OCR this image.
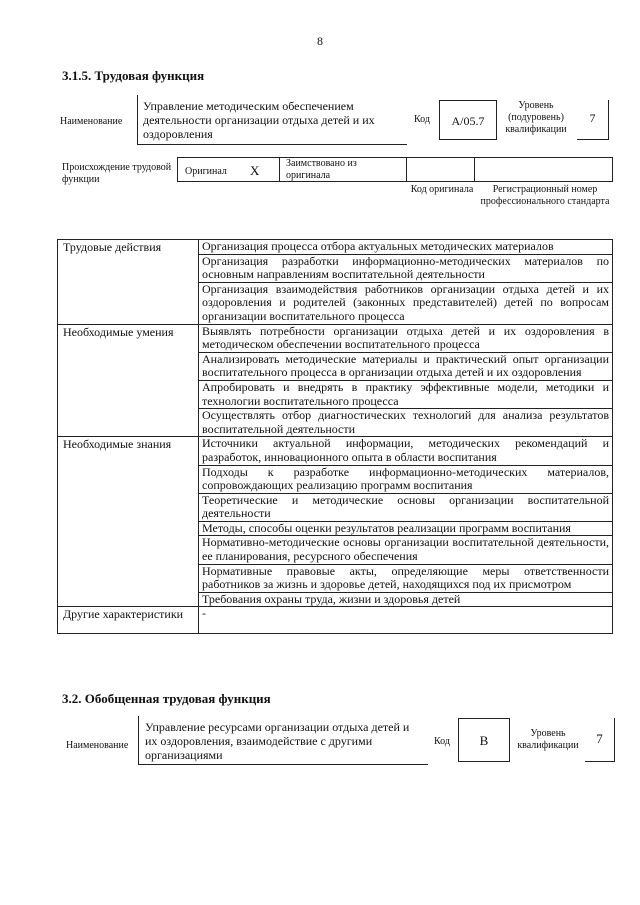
8
3.1.5. Трудовая функция
Наименование
Управление методическим обеспечением деятельности организации отдыха детей и их оздоровления
Код	А/05.7
Уровень (подуровень) квалификации
7
Происхождение трудовой функции
Оригинал X	Заимствовано из оригинала
Код оригинала	Регистрационный номер профессионального стандарта
Трудовые действия	Организация процесса отбора актуальных методических материалов
	Организация разработки информационно-методических материалов по основным направлениям воспитательной деятельности
	Организация взаимодействия работников организации отдыха детей и их оздоровления и родителей (законных представителей) детей по вопросам организации воспитательного процесса
Необходимые умения	Выявлять потребности организации отдыха детей и их оздоровления в методическом обеспечении воспитательного процесса
	Анализировать методические материалы и практический опыт организации воспитательного процесса в организации отдыха детей и их оздоровления
	Апробировать и внедрять в практику эффективные модели, методики и технологии воспитательного процесса
	Осуществлять отбор диагностических технологий для анализа результатов воспитательной деятельности
Необходимые знания	Источники актуальной информации, методических рекомендаций и разработок, инновационного опыта в области воспитания
	Подходы к разработке информационно-методических материалов, сопровождающих реализацию программ воспитания
	Теоретические и методические основы организации воспитательной деятельности
	Методы, способы оценки результатов реализации программ воспитания
	Нормативно-методические основы организации воспитательной деятельности, ее планирования, ресурсного обеспечения
	Нормативные правовые акты, определяющие меры ответственности работников за жизнь и здоровье детей, находящихся под их присмотром
	Требования охраны труда, жизни и здоровья детей
Другие характеристики	-
3.2. Обобщенная трудовая функция
Наименование
Управление ресурсами организации отдыха детей и их оздоровления, взаимодействие с другими организациями
Код	В	Уровень квалификации	7
